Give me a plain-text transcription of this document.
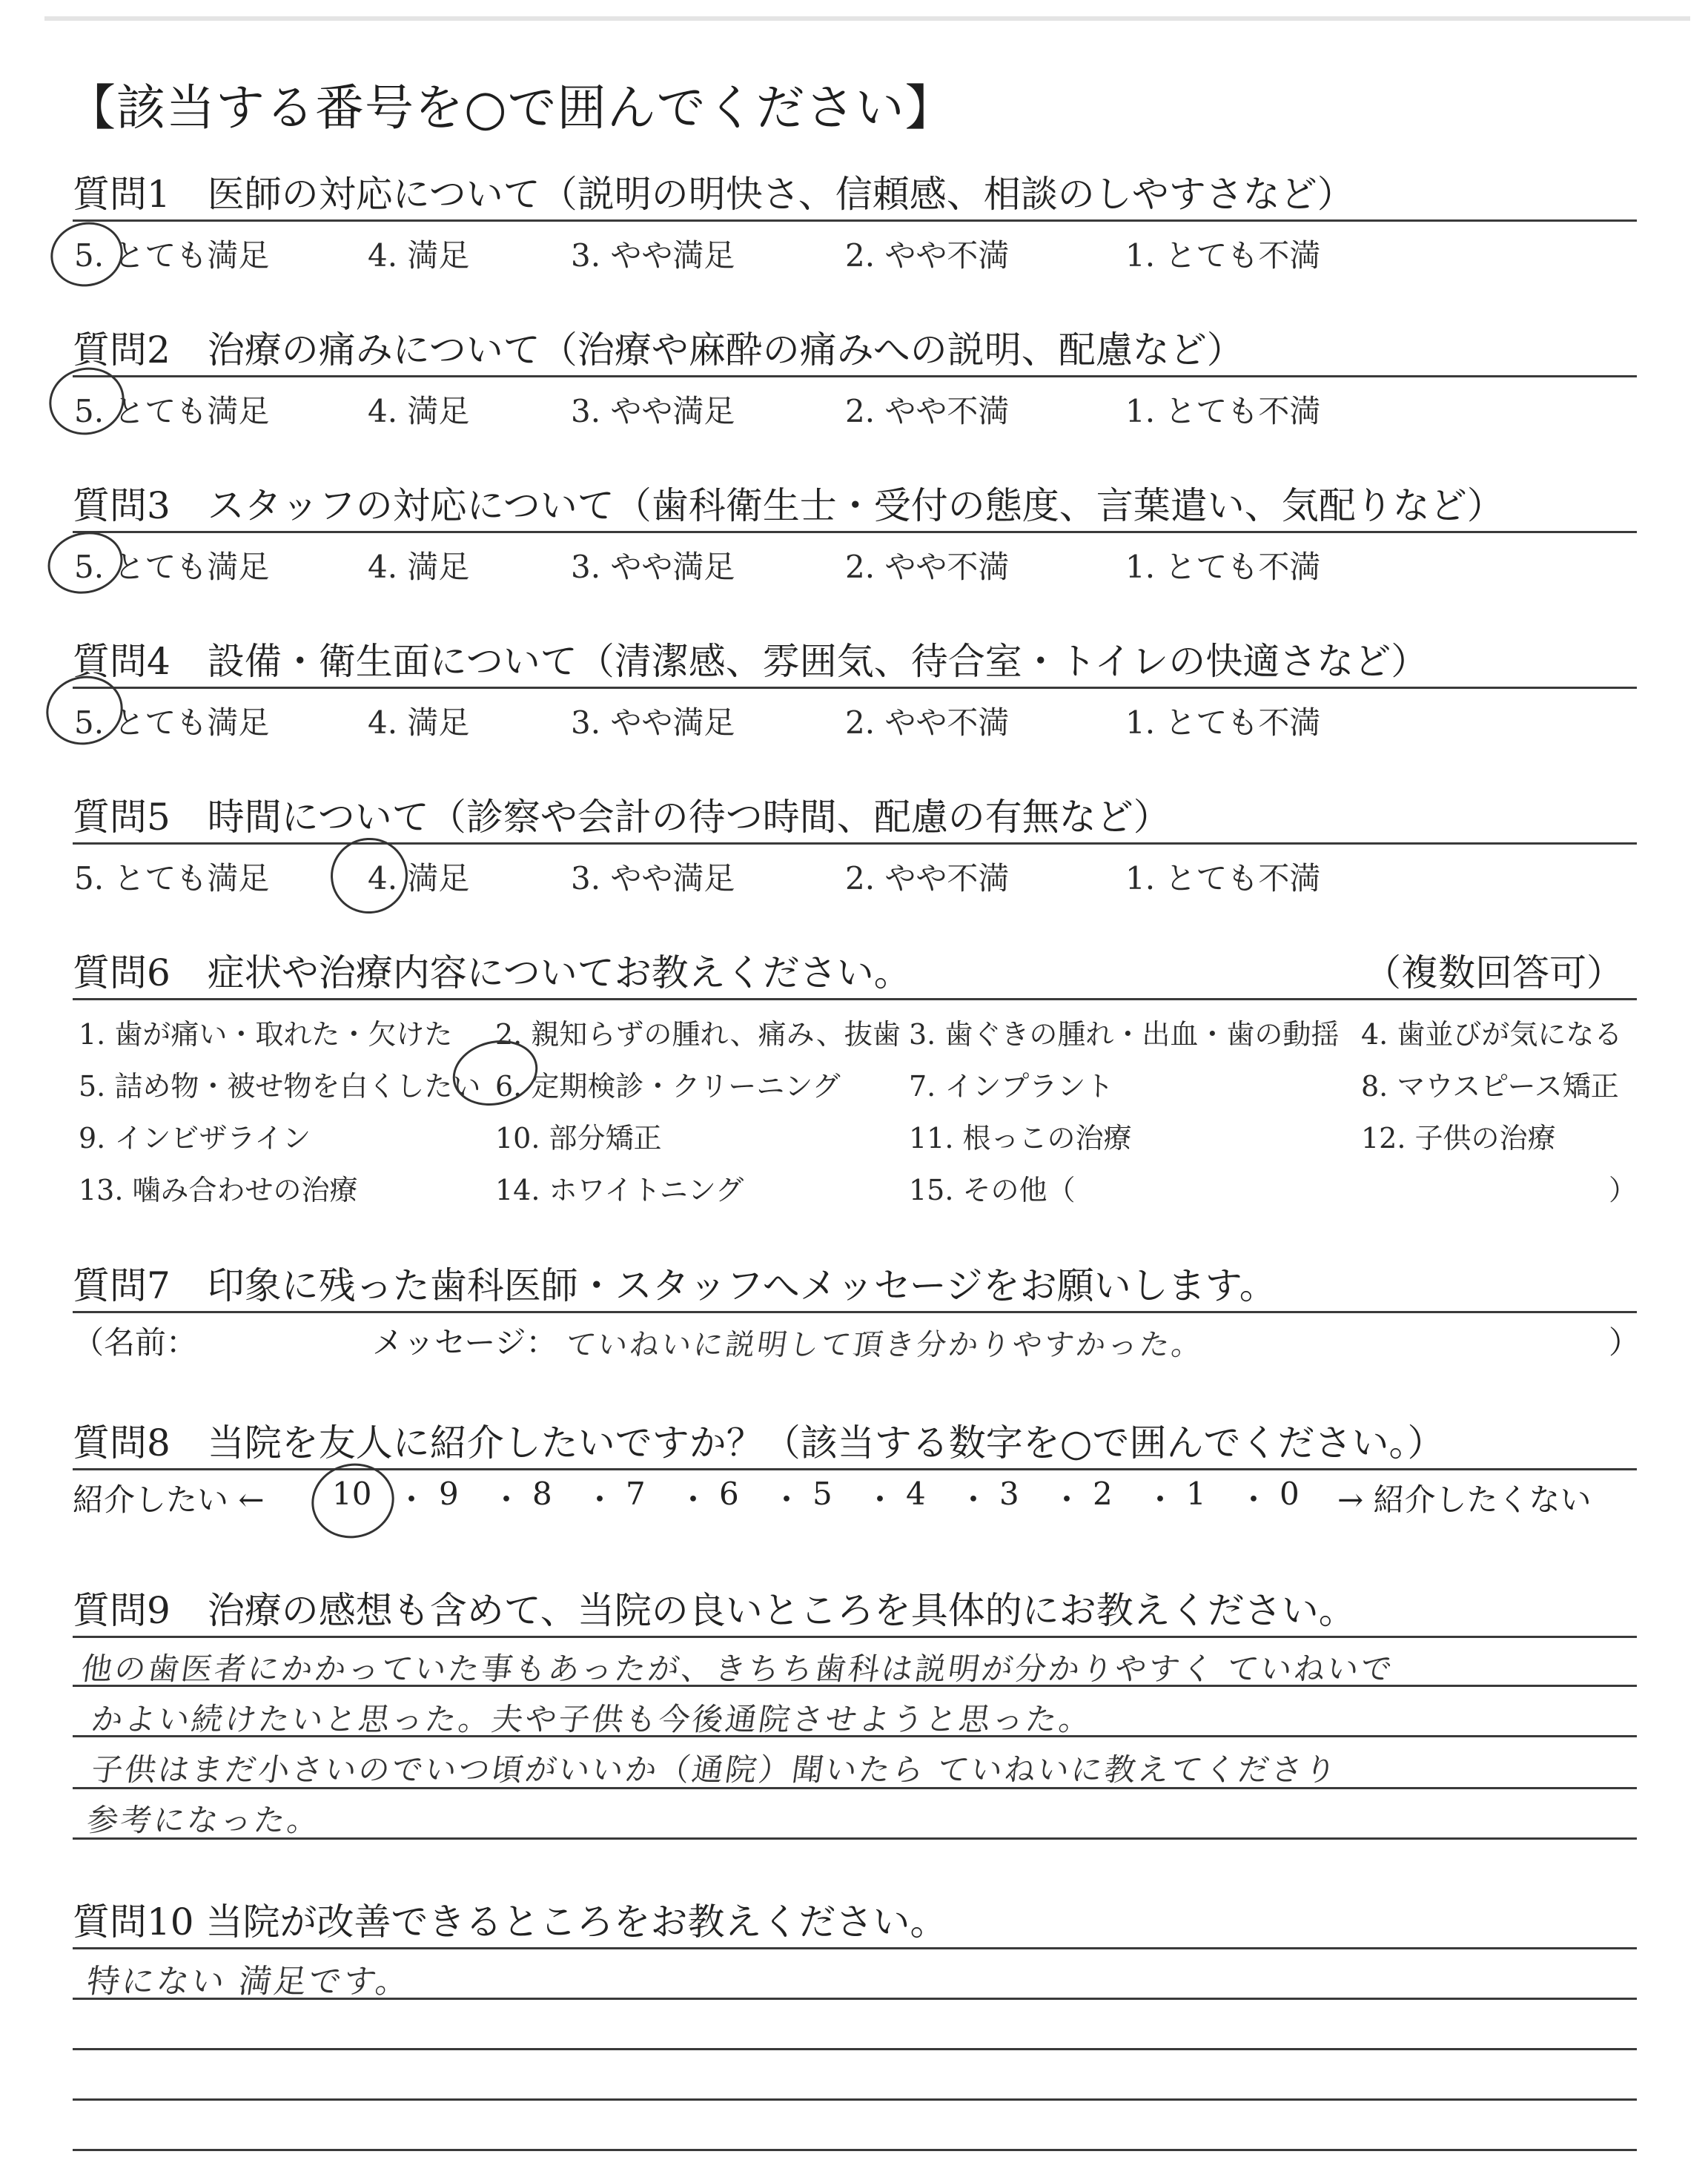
【該当する番号を○で囲んでください】
質問1　医師の対応について（説明の明快さ、信頼感、相談のしやすさなど）
5. とても満足	4. 満足	3. やや満足	2. やや不満	1. とても不満
質問2　治療の痛みについて（治療や麻酔の痛みへの説明、配慮など）
5. とても満足	4. 満足	3. やや満足	2. やや不満	1. とても不満
質問3　スタッフの対応について（歯科衛生士・受付の態度、言葉遣い、気配りなど）
5. とても満足	4. 満足	3. やや満足	2. やや不満	1. とても不満
質問4　設備・衛生面について（清潔感、雰囲気、待合室・トイレの快適さなど）
5. とても満足	4. 満足	3. やや満足	2. やや不満	1. とても不満
質問5　時間について（診察や会計の待つ時間、配慮の有無など）
5. とても満足	4. 満足	3. やや満足	2. やや不満	1. とても不満
質問6　症状や治療内容についてお教えください。	（複数回答可）
1. 歯が痛い・取れた・欠けた 2. 親知らずの腫れ、痛み、抜歯 3. 歯ぐきの腫れ・出血・歯の動揺 4. 歯並びが気になる
5. 詰め物・被せ物を白くしたい 6. 定期検診・クリーニング 7. インプラント	8. マウスピース矯正
9. インビザライン	10. 部分矯正	11. 根っこの治療	12. 子供の治療
13. 噛み合わせの治療	14. ホワイトニング	15. その他（	）
質問7　印象に残った歯科医師・スタッフへメッセージをお願いします。
（名前：	メッセージ： ていねいに説明して頂き分かりやすかった。	）
質問8　当院を友人に紹介したいですか？（該当する数字を○で囲んでください。）
紹介したい ← 10 ・ 9 ・ 8 ・ 7 ・ 6 ・ 5 ・ 4 ・ 3 ・ 2 ・ 1 ・ 0 → 紹介したくない
質問9　治療の感想も含めて、当院の良いところを具体的にお教えください。
他の歯医者にかかっていた事もあったが、きちち歯科は説明が分かりやすく ていねいで
かよい続けたいと思った。夫や子供も今後通院させようと思った。
子供はまだ小さいのでいつ頃がいいか（通院）聞いたら ていねいに教えてくださり
参考になった。
質問10 当院が改善できるところをお教えください。
特にない 満足です。
